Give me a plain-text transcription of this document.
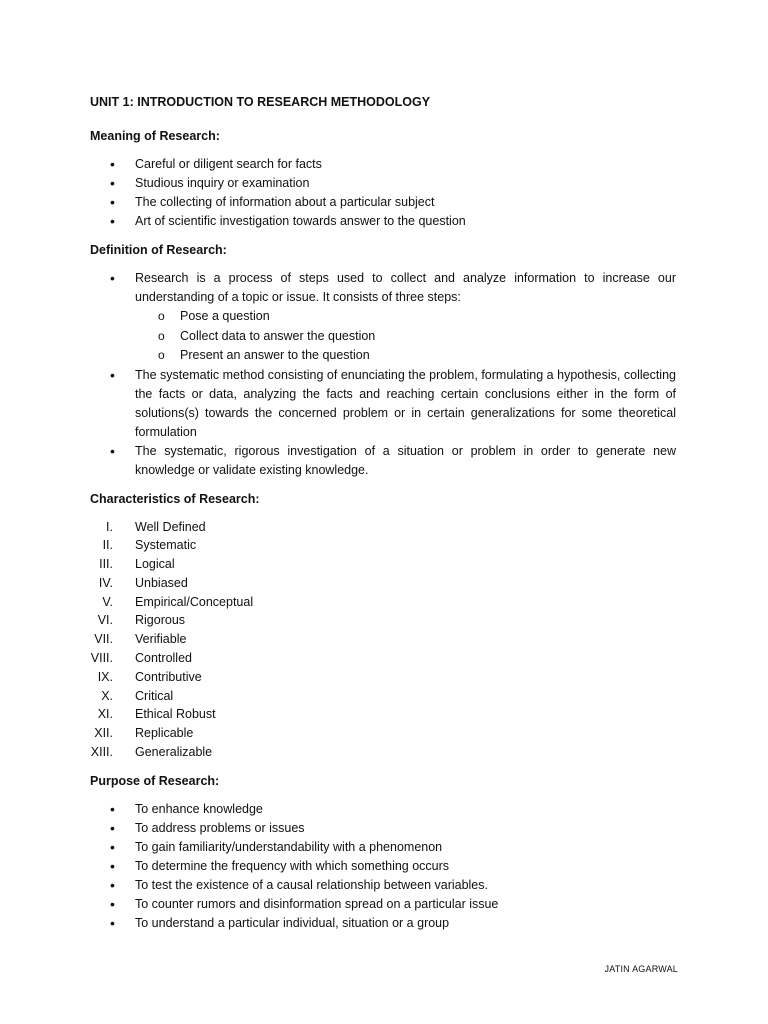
UNIT 1: INTRODUCTION TO RESEARCH METHODOLOGY
Meaning of Research:
• Careful or diligent search for facts
• Studious inquiry or examination
• The collecting of information about a particular subject
• Art of scientific investigation towards answer to the question
Definition of Research:
• Research is a process of steps used to collect and analyze information to increase our understanding of a topic or issue. It consists of three steps:
o Pose a question
o Collect data to answer the question
o Present an answer to the question
• The systematic method consisting of enunciating the problem, formulating a hypothesis, collecting the facts or data, analyzing the facts and reaching certain conclusions either in the form of solutions(s) towards the concerned problem or in certain generalizations for some theoretical formulation
• The systematic, rigorous investigation of a situation or problem in order to generate new knowledge or validate existing knowledge.
Characteristics of Research:
I. Well Defined
II. Systematic
III. Logical
IV. Unbiased
V. Empirical/Conceptual
VI. Rigorous
VII. Verifiable
VIII. Controlled
IX. Contributive
X. Critical
XI. Ethical Robust
XII. Replicable
XIII. Generalizable
Purpose of Research:
• To enhance knowledge
• To address problems or issues
• To gain familiarity/understandability with a phenomenon
• To determine the frequency with which something occurs
• To test the existence of a causal relationship between variables.
• To counter rumors and disinformation spread on a particular issue
• To understand a particular individual, situation or a group
JATIN AGARWAL
